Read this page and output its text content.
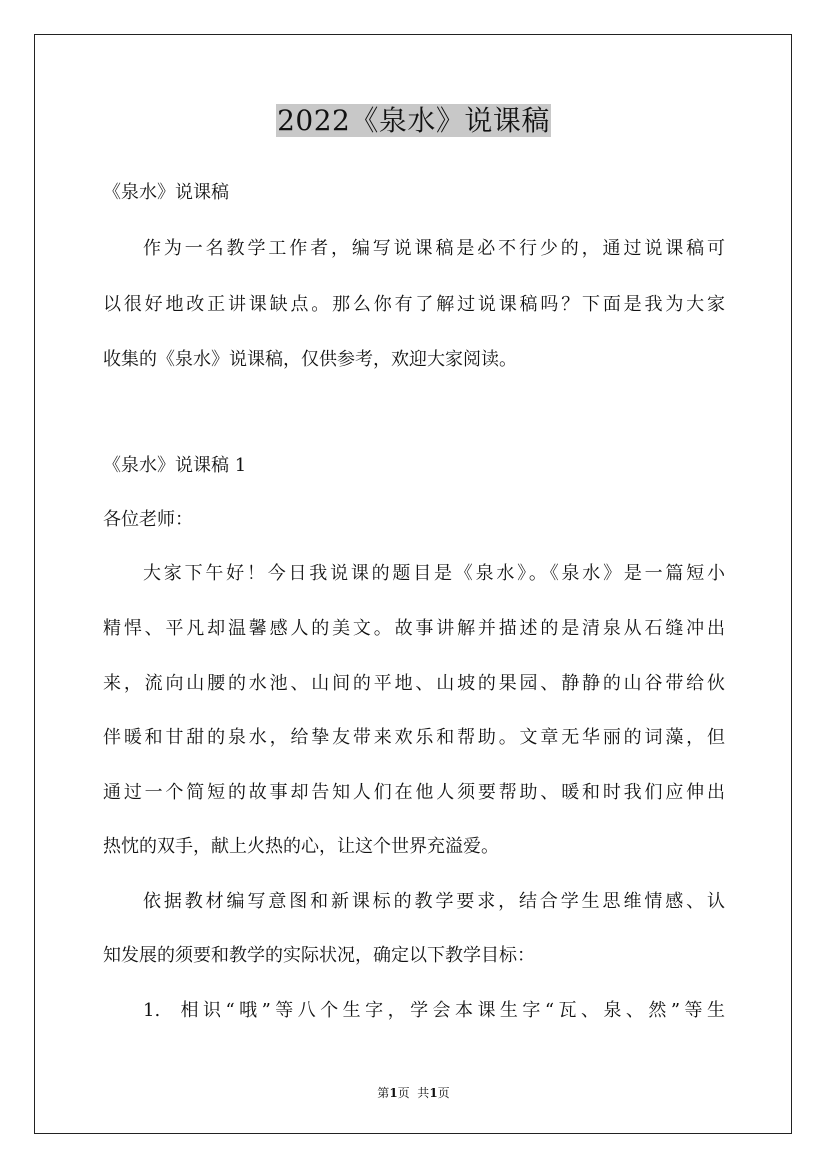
2022《泉水》说课稿
《泉水》说课稿
作为一名教学工作者，编写说课稿是必不行少的，通过说课稿可
以很好地改正讲课缺点。那么你有了解过说课稿吗？下面是我为大家
收集的《泉水》说课稿，仅供参考，欢迎大家阅读。
《泉水》说课稿 1
各位老师：
大家下午好！今日我说课的题目是《泉水》。《泉水》是一篇短小
精悍、平凡却温馨感人的美文。故事讲解并描述的是清泉从石缝冲出
来，流向山腰的水池、山间的平地、山坡的果园、静静的山谷带给伙
伴暖和甘甜的泉水，给挚友带来欢乐和帮助。文章无华丽的词藻，但
通过一个简短的故事却告知人们在他人须要帮助、暖和时我们应伸出
热忱的双手，献上火热的心，让这个世界充溢爱。
依据教材编写意图和新课标的教学要求，结合学生思维情感、认
知发展的须要和教学的实际状况，确定以下教学目标：
1.  相识“哦”等八个生字，学会本课生字“瓦、泉、然”等生
第1页  共1页
